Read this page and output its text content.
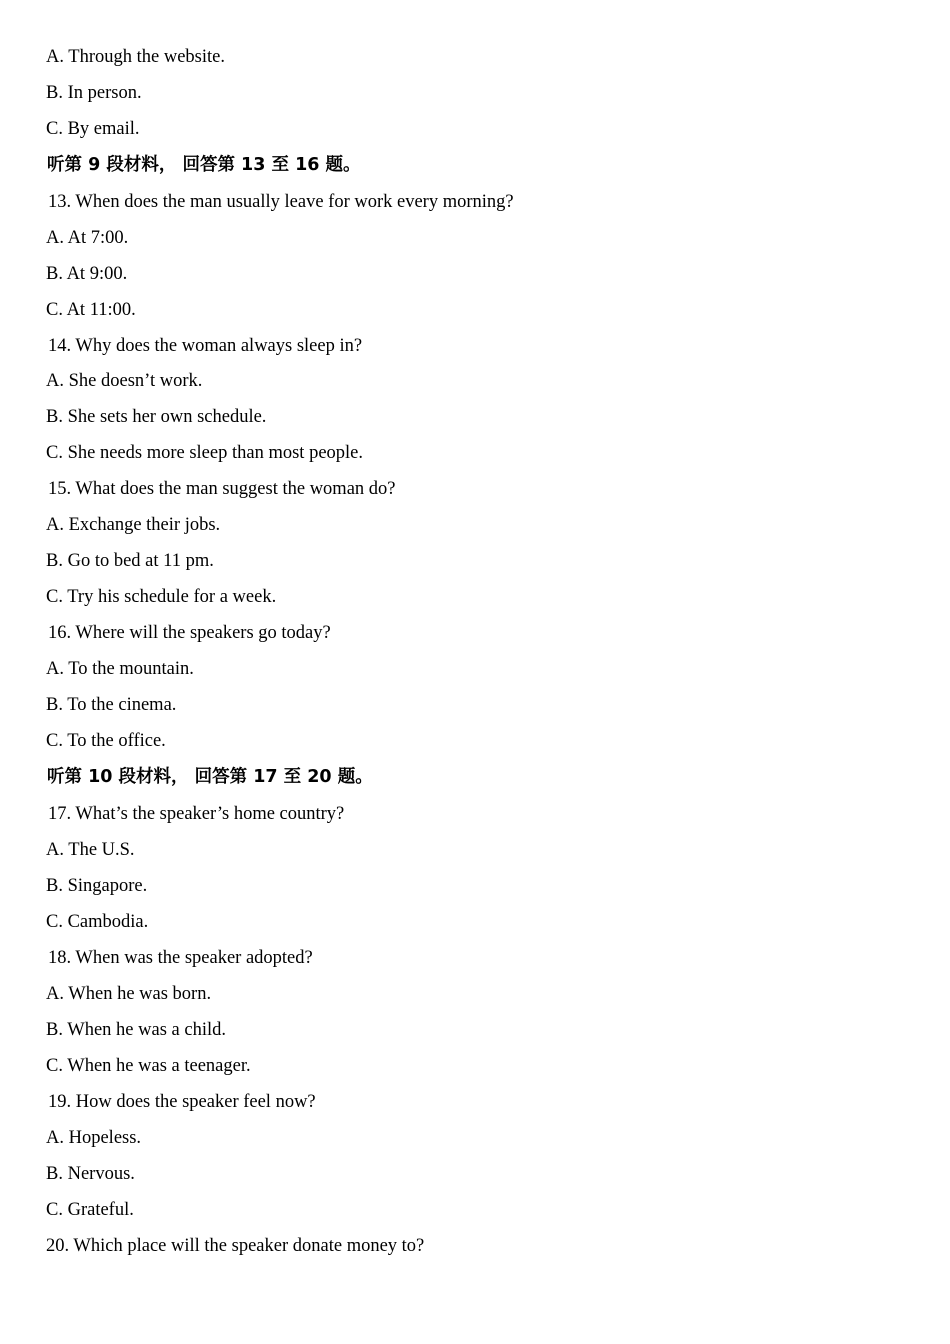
A. Through the website.
B. In person.
C. By email.
听第 9 段材料， 回答第 13 至 16 题。
13. When does the man usually leave for work every morning?
A. At 7:00.
B. At 9:00.
C. At 11:00.
14. Why does the woman always sleep in?
A. She doesn’t work.
B. She sets her own schedule.
C. She needs more sleep than most people.
15. What does the man suggest the woman do?
A. Exchange their jobs.
B. Go to bed at 11 pm.
C. Try his schedule for a week.
16. Where will the speakers go today?
A. To the mountain.
B. To the cinema.
C. To the office.
听第 10 段材料， 回答第 17 至 20 题。
17. What’s the speaker’s home country?
A. The U.S.
B. Singapore.
C. Cambodia.
18. When was the speaker adopted?
A. When he was born.
B. When he was a child.
C. When he was a teenager.
19. How does the speaker feel now?
A. Hopeless.
B. Nervous.
C. Grateful.
20. Which place will the speaker donate money to?
